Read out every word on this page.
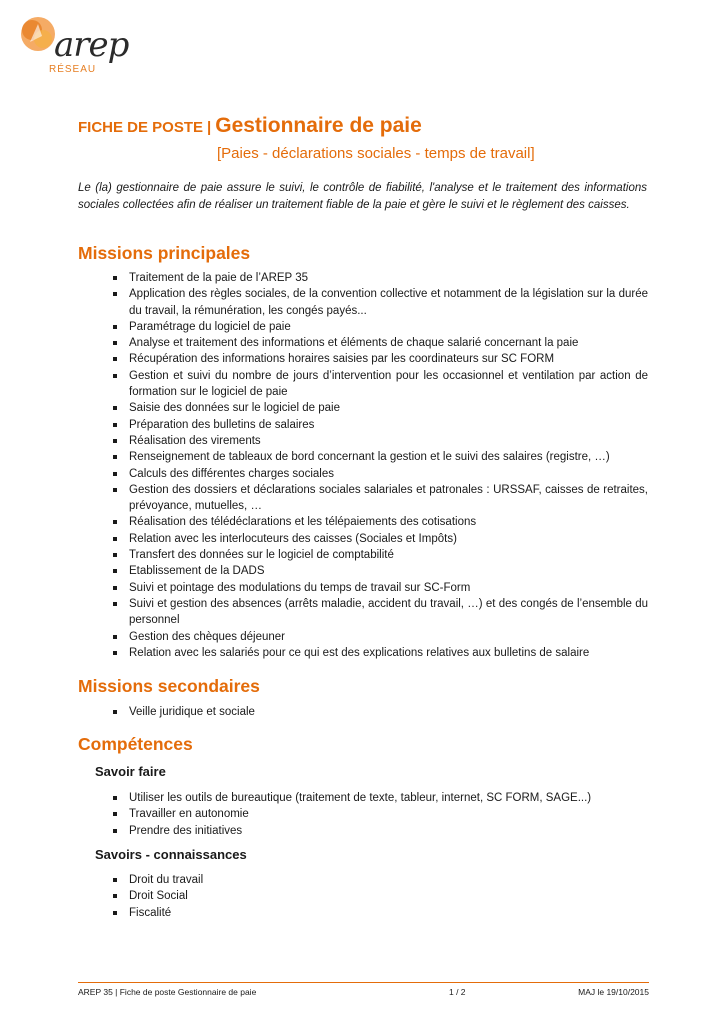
arep
RÉSEAU
FICHE DE POSTE | Gestionnaire de paie
[Paies - déclarations sociales - temps de travail]

Le (la) gestionnaire de paie assure le suivi, le contrôle de fiabilité, l'analyse et le traitement des informations sociales collectées afin de réaliser un traitement fiable de la paie et gère le suivi et le règlement des caisses.

Missions principales
Traitement de la paie de l’AREP 35
Application des règles sociales, de la convention collective et notamment de la législation sur la durée du travail, la rémunération, les congés payés...
Paramétrage du logiciel de paie
Analyse et traitement des informations et éléments de chaque salarié concernant la paie
Récupération des informations horaires saisies par les coordinateurs sur SC FORM
Gestion et suivi du nombre de jours d’intervention pour les occasionnel et ventilation par action de formation sur le logiciel de paie
Saisie des données sur le logiciel de paie
Préparation des bulletins de salaires
Réalisation des virements
Renseignement de tableaux de bord concernant la gestion et le suivi des salaires (registre, …)
Calculs des différentes charges sociales
Gestion des dossiers et déclarations sociales salariales et patronales : URSSAF, caisses de retraites, prévoyance, mutuelles, …
Réalisation des télédéclarations et les télépaiements des cotisations
Relation avec les interlocuteurs des caisses (Sociales et Impôts)
Transfert des données sur le logiciel de comptabilité
Etablissement de la DADS
Suivi et pointage des modulations du temps de travail sur SC-Form
Suivi et gestion des absences (arrêts maladie, accident du travail, …) et des congés de l’ensemble du personnel
Gestion des chèques déjeuner
Relation avec les salariés pour ce qui est des explications relatives aux bulletins de salaire
Missions secondaires
Veille juridique et sociale
Compétences
Savoir faire
Utiliser les outils de bureautique (traitement de texte, tableur, internet, SC FORM, SAGE...)
Travailler en autonomie
Prendre des initiatives
Savoirs - connaissances
Droit du travail
Droit Social
Fiscalité
AREP 35 | Fiche de poste Gestionnaire de paie	1 / 2	MAJ le 19/10/2015
